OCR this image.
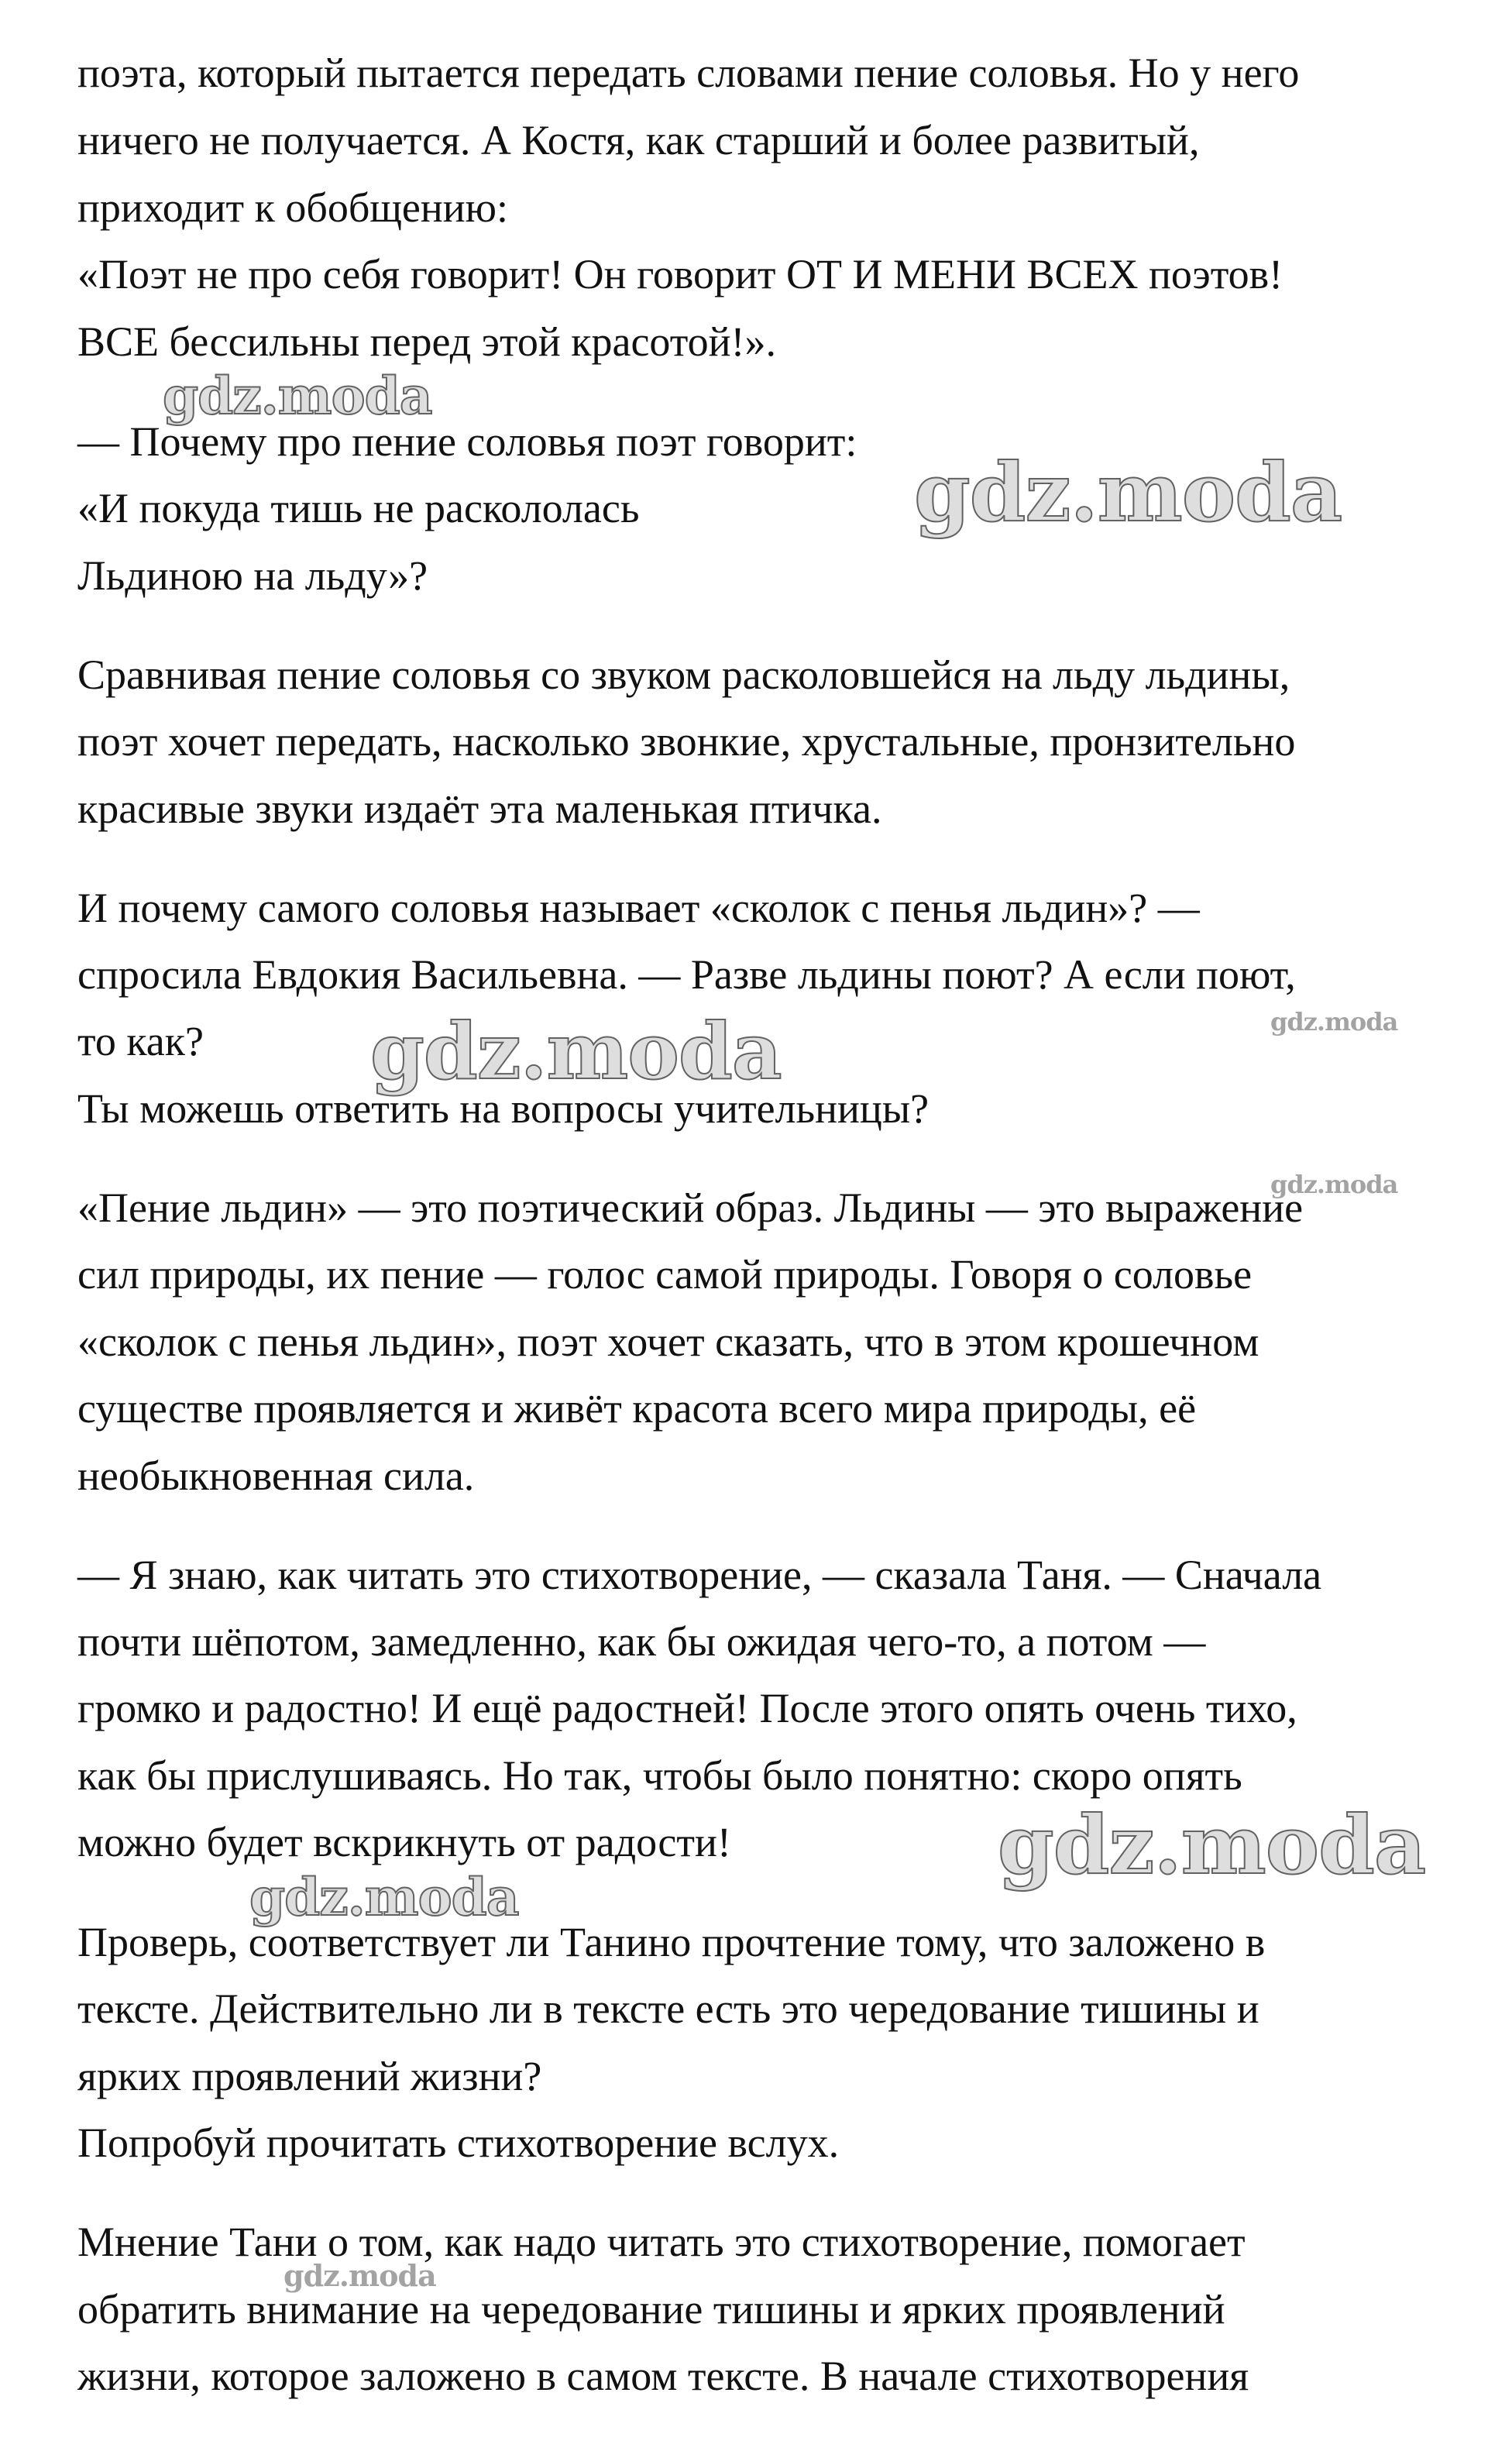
поэта, который пытается передать словами пение соловья. Но у него
ничего не получается. А Костя, как старший и более развитый,
приходит к обобщению:
«Поэт не про себя говорит! Он говорит ОТ И МЕНИ ВСЕХ поэтов!
ВСЕ бессильны перед этой красотой!».
— Почему про пение соловья поэт говорит:
«И покуда тишь не раскололась
Льдиною на льду»?
Сравнивая пение соловья со звуком расколовшейся на льду льдины,
поэт хочет передать, насколько звонкие, хрустальные, пронзительно
красивые звуки издаёт эта маленькая птичка.
И почему самого соловья называет «сколок с пенья льдин»? —
спросила Евдокия Васильевна. — Разве льдины поют? А если поют,
то как?
Ты можешь ответить на вопросы учительницы?
«Пение льдин» — это поэтический образ. Льдины — это выражение
сил природы, их пение — голос самой природы. Говоря о соловье
«сколок с пенья льдин», поэт хочет сказать, что в этом крошечном
существе проявляется и живёт красота всего мира природы, её
необыкновенная сила.
— Я знаю, как читать это стихотворение, — сказала Таня. — Сначала
почти шёпотом, замедленно, как бы ожидая чего-то, а потом —
громко и радостно! И ещё радостней! После этого опять очень тихо,
как бы прислушиваясь. Но так, чтобы было понятно: скоро опять
можно будет вскрикнуть от радости!
Проверь, соответствует ли Танино прочтение тому, что заложено в
тексте. Действительно ли в тексте есть это чередование тишины и
ярких проявлений жизни?
Попробуй прочитать стихотворение вслух.
Мнение Тани о том, как надо читать это стихотворение, помогает
обратить внимание на чередование тишины и ярких проявлений
жизни, которое заложено в самом тексте. В начале стихотворения
gdz.moda
gdz.moda
gdz.moda	gdz.moda
gdz.moda
gdz.moda
gdz.moda
gdz.moda
